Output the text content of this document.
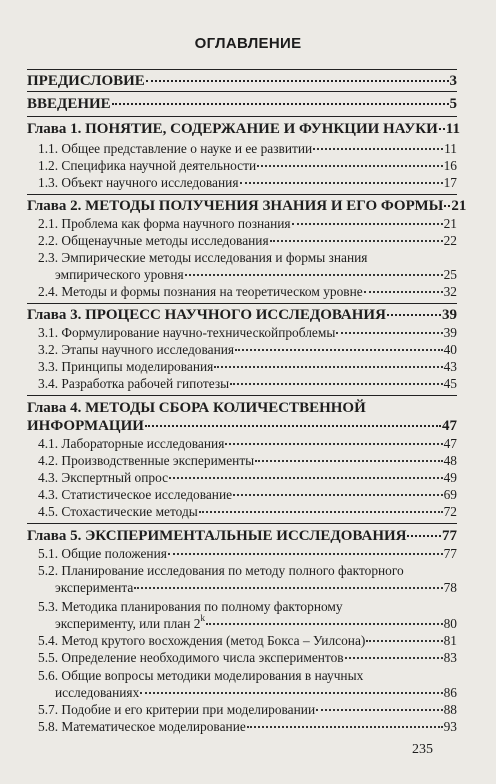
ОГЛАВЛЕНИЕ
ПРЕДИСЛОВИЕ	3
ВВЕДЕНИЕ	5
Глава 1. ПОНЯТИЕ, СОДЕРЖАНИЕ И ФУНКЦИИ НАУКИ 11
1.1. Общее представление о науке и ее развитии	11
1.2. Специфика научной деятельности	16
1.3. Объект научного исследования	17
Глава 2. МЕТОДЫ ПОЛУЧЕНИЯ ЗНАНИЯ И ЕГО ФОРМЫ 21
2.1. Проблема как форма научного познания	21
2.2. Общенаучные методы исследования	22
2.3. Эмпирические методы исследования и формы знания
эмпирического уровня	25
2.4. Методы и формы познания на теоретическом уровне	32
Глава 3. ПРОЦЕСС НАУЧНОГО ИССЛЕДОВАНИЯ	39
3.1. Формулирование научно-техническойпроблемы	39
3.2. Этапы научного исследования	40
3.3. Принципы моделирования	43
3.4. Разработка рабочей гипотезы	45
Глава 4. МЕТОДЫ СБОРА КОЛИЧЕСТВЕННОЙ
ИНФОРМАЦИИ	47
4.1. Лабораторные исследования	47
4.2. Производственные эксперименты	48
4.3. Экспертный опрос	49
4.3. Статистическое исследование	69
4.5. Стохастические методы	72
Глава 5. ЭКСПЕРИМЕНТАЛЬНЫЕ ИССЛЕДОВАНИЯ 77
5.1. Общие положения	77
5.2. Планирование исследования по методу полного факторного
эксперимента	78
5.3. Методика планирования по полному факторному
эксперименту, или план 2$^k$	80
5.4. Метод крутого восхождения (метод Бокса – Уилсона)	81
5.5. Определение необходимого числа экспериментов	83
5.6. Общие вопросы методики моделирования в научных
исследованиях	86
5.7. Подобие и его критерии при моделировании	88
5.8. Математическое моделирование	93
235
